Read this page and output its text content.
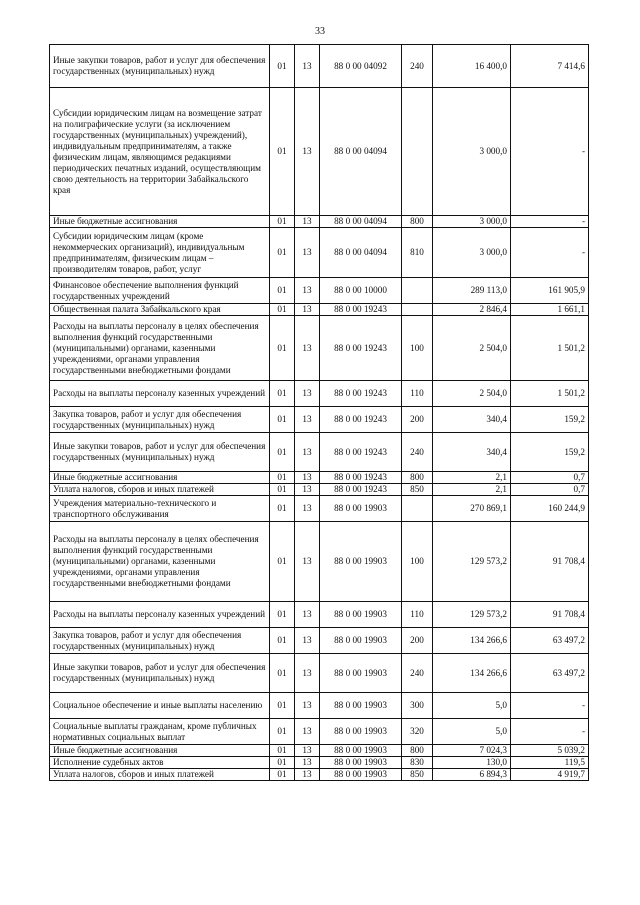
33
Иные закупки товаров, работ и услуг для обеспечения государственных (муниципальных) нужд	01	13	88 0 00 04092	240	16 400,0	7 414,6
Субсидии юридическим лицам на возмещение затрат на полиграфические услуги (за исключением государственных (муниципальных) учреждений), индивидуальным предпринимателям, а также физическим лицам, являющимся редакциями периодических печатных изданий, осуществляющим свою деятельность на территории Забайкальского края	01	13	88 0 00 04094		3 000,0	-
Иные бюджетные ассигнования	01	13	88 0 00 04094	800	3 000,0	-
Субсидии юридическим лицам (кроме некоммерческих организаций), индивидуальным предпринимателям, физическим лицам – производителям товаров, работ, услуг	01	13	88 0 00 04094	810	3 000,0	-
Финансовое обеспечение выполнения функций государственных учреждений	01	13	88 0 00 10000		289 113,0	161 905,9
Общественная палата Забайкальского края	01	13	88 0 00 19243		2 846,4	1 661,1
Расходы на выплаты персоналу в целях обеспечения выполнения функций государственными (муниципальными) органами, казенными учреждениями, органами управления государственными внебюджетными фондами	01	13	88 0 00 19243	100	2 504,0	1 501,2
Расходы на выплаты персоналу казенных учреждений	01	13	88 0 00 19243	110	2 504,0	1 501,2
Закупка товаров, работ и услуг для обеспечения государственных (муниципальных) нужд	01	13	88 0 00 19243	200	340,4	159,2
Иные закупки товаров, работ и услуг для обеспечения государственных (муниципальных) нужд	01	13	88 0 00 19243	240	340,4	159,2
Иные бюджетные ассигнования	01	13	88 0 00 19243	800	2,1	0,7
Уплата налогов, сборов и иных платежей	01	13	88 0 00 19243	850	2,1	0,7
Учреждения материально-технического и транспортного обслуживания	01	13	88 0 00 19903		270 869,1	160 244,9
Расходы на выплаты персоналу в целях обеспечения выполнения функций государственными (муниципальными) органами, казенными учреждениями, органами управления государственными внебюджетными фондами	01	13	88 0 00 19903	100	129 573,2	91 708,4
Расходы на выплаты персоналу казенных учреждений	01	13	88 0 00 19903	110	129 573,2	91 708,4
Закупка товаров, работ и услуг для обеспечения государственных (муниципальных) нужд	01	13	88 0 00 19903	200	134 266,6	63 497,2
Иные закупки товаров, работ и услуг для обеспечения государственных (муниципальных) нужд	01	13	88 0 00 19903	240	134 266,6	63 497,2
Социальное обеспечение и иные выплаты населению	01	13	88 0 00 19903	300	5,0	-
Социальные выплаты гражданам, кроме публичных нормативных социальных выплат	01	13	88 0 00 19903	320	5,0	-
Иные бюджетные ассигнования	01	13	88 0 00 19903	800	7 024,3	5 039,2
Исполнение судебных актов	01	13	88 0 00 19903	830	130,0	119,5
Уплата налогов, сборов и иных платежей	01	13	88 0 00 19903	850	6 894,3	4 919,7
